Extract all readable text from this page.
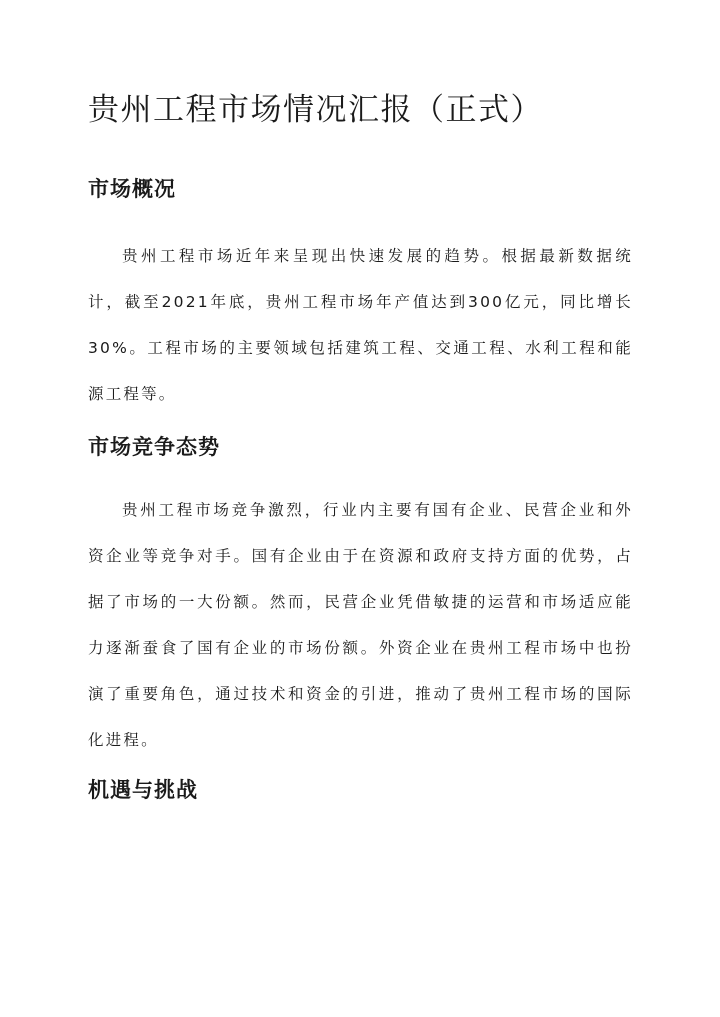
贵州工程市场情况汇报（正式）
市场概况

贵州工程市场近年来呈现出快速发展的趋势。根据最新数据统计，截至2021年底，贵州工程市场年产值达到300亿元，同比增长30%。工程市场的主要领域包括建筑工程、交通工程、水利工程和能源工程等。

市场竞争态势

贵州工程市场竞争激烈，行业内主要有国有企业、民营企业和外资企业等竞争对手。国有企业由于在资源和政府支持方面的优势，占据了市场的一大份额。然而，民营企业凭借敏捷的运营和市场适应能力逐渐蚕食了国有企业的市场份额。外资企业在贵州工程市场中也扮演了重要角色，通过技术和资金的引进，推动了贵州工程市场的国际化进程。

机遇与挑战
